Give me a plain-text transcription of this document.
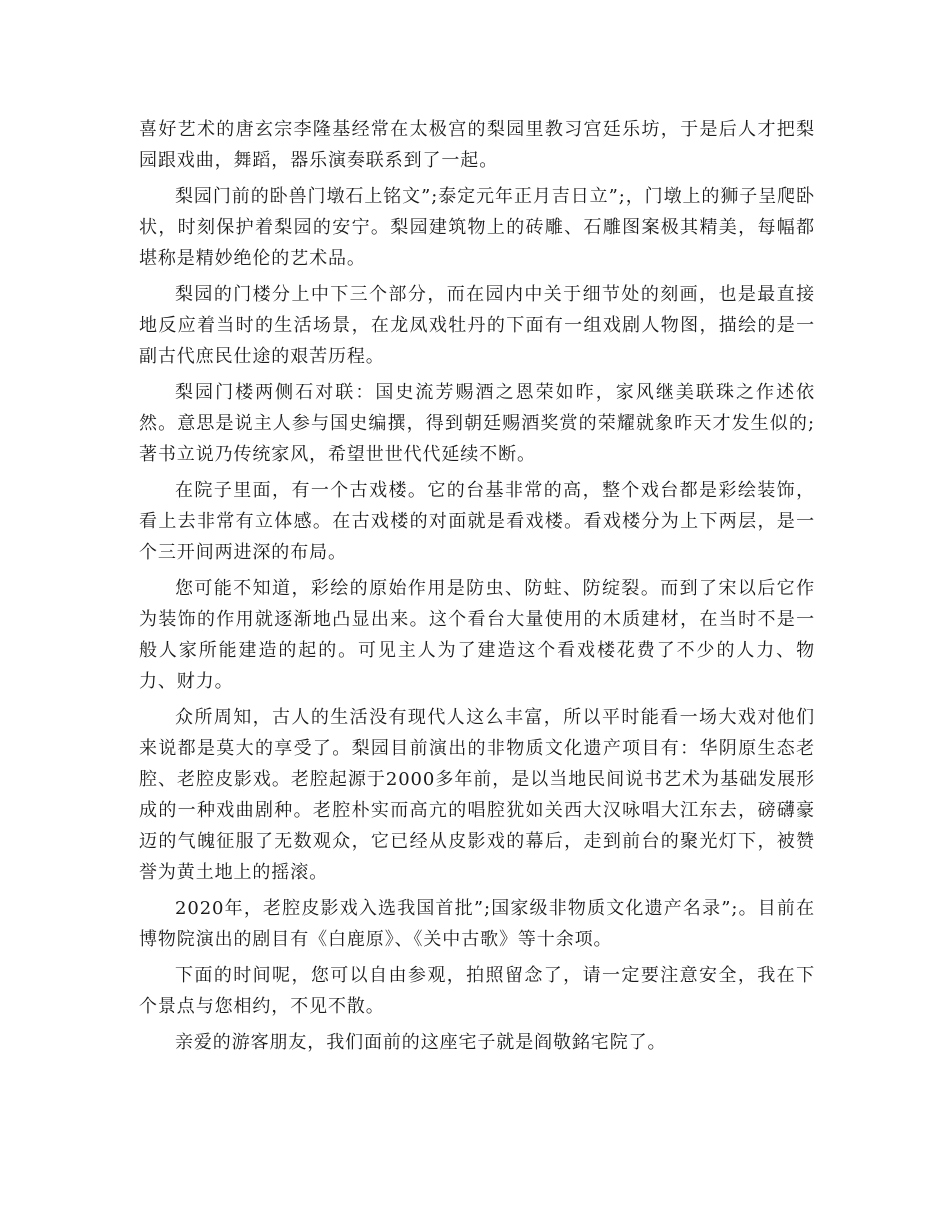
喜好艺术的唐玄宗李隆基经常在太极宫的梨园里教习宫廷乐坊，于是后人才把梨园跟戏曲，舞蹈，器乐演奏联系到了一起。

梨园门前的卧兽门墩石上铭文”;泰定元年正月吉日立”;，门墩上的狮子呈爬卧状，时刻保护着梨园的安宁。梨园建筑物上的砖雕、石雕图案极其精美，每幅都堪称是精妙绝伦的艺术品。

梨园的门楼分上中下三个部分，而在园内中关于细节处的刻画，也是最直接地反应着当时的生活场景，在龙凤戏牡丹的下面有一组戏剧人物图，描绘的是一副古代庶民仕途的艰苦历程。

梨园门楼两侧石对联：国史流芳赐酒之恩荣如昨，家风继美联珠之作述依然。意思是说主人参与国史编撰，得到朝廷赐酒奖赏的荣耀就象昨天才发生似的;著书立说乃传统家风，希望世世代代延续不断。

在院子里面，有一个古戏楼。它的台基非常的高，整个戏台都是彩绘装饰，看上去非常有立体感。在古戏楼的对面就是看戏楼。看戏楼分为上下两层，是一个三开间两进深的布局。

您可能不知道，彩绘的原始作用是防虫、防蛀、防绽裂。而到了宋以后它作为装饰的作用就逐渐地凸显出来。这个看台大量使用的木质建材，在当时不是一般人家所能建造的起的。可见主人为了建造这个看戏楼花费了不少的人力、物力、财力。

众所周知，古人的生活没有现代人这么丰富，所以平时能看一场大戏对他们来说都是莫大的享受了。梨园目前演出的非物质文化遗产项目有：华阴原生态老腔、老腔皮影戏。老腔起源于2000多年前，是以当地民间说书艺术为基础发展形成的一种戏曲剧种。老腔朴实而高亢的唱腔犹如关西大汉咏唱大江东去，磅礴豪迈的气魄征服了无数观众，它已经从皮影戏的幕后，走到前台的聚光灯下，被赞誉为黄土地上的摇滚。

2020年，老腔皮影戏入选我国首批”;国家级非物质文化遗产名录”;。目前在博物院演出的剧目有《白鹿原》、《关中古歌》等十余项。

下面的时间呢，您可以自由参观，拍照留念了，请一定要注意安全，我在下个景点与您相约，不见不散。

亲爱的游客朋友，我们面前的这座宅子就是阎敬銘宅院了。
